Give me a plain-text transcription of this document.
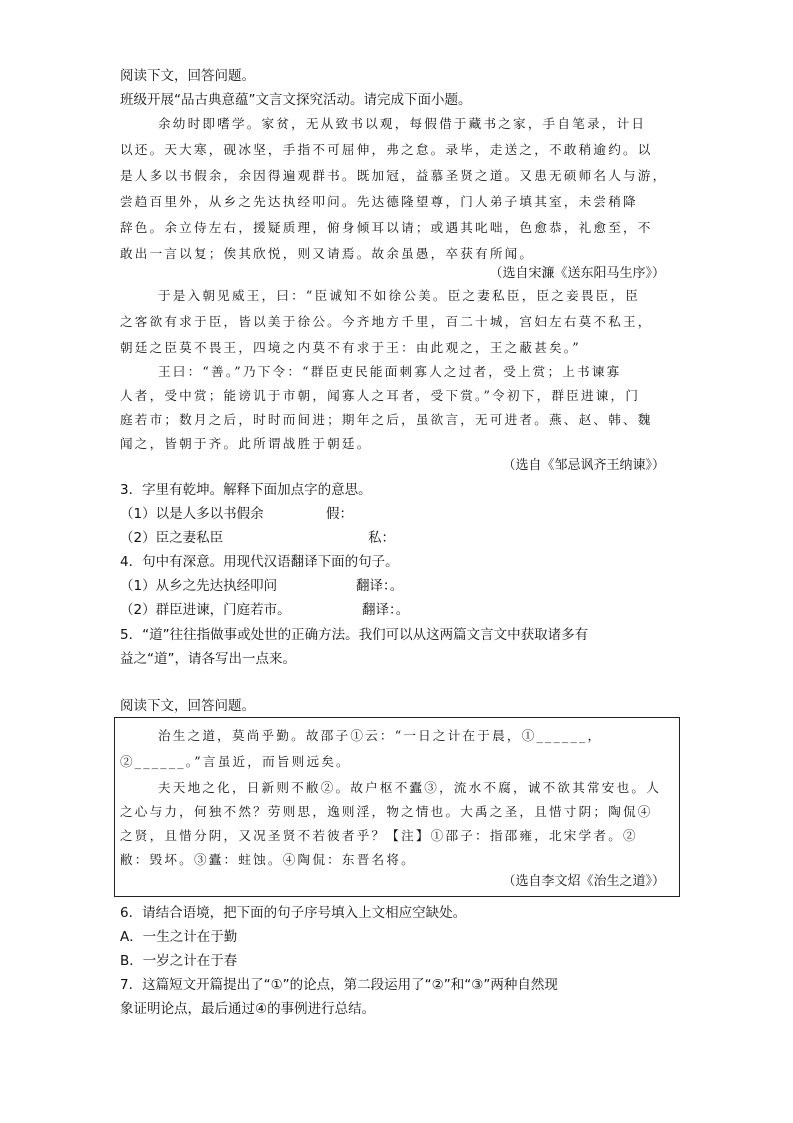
阅读下文，回答问题。
班级开展“品古典意蕴”文言文探究活动。请完成下面小题。
余幼时即嗜学。家贫，无从致书以观，每假借于藏书之家，手自笔录，计日
以还。天大寒，砚冰坚，手指不可屈伸，弗之怠。录毕，走送之，不敢稍逾约。以
是人多以书假余，余因得遍观群书。既加冠，益慕圣贤之道。又患无硕师名人与游，
尝趋百里外，从乡之先达执经叩问。先达德隆望尊，门人弟子填其室，未尝稍降
辞色。余立侍左右，援疑质理，俯身倾耳以请；或遇其叱咄，色愈恭，礼愈至，不
敢出一言以复；俟其欣悦，则又请焉。故余虽愚，卒获有所闻。
（选自宋濂《送东阳马生序》）
于是入朝见威王，曰：“臣诚知不如徐公美。臣之妻私臣，臣之妾畏臣，臣
之客欲有求于臣，皆以美于徐公。今齐地方千里，百二十城，宫妇左右莫不私王，
朝廷之臣莫不畏王，四境之内莫不有求于王：由此观之，王之蔽甚矣。”
王曰：“善。”乃下令：“群臣吏民能面刺寡人之过者，受上赏；上书谏寡
人者，受中赏；能谤讥于市朝，闻寡人之耳者，受下赏。”令初下，群臣进谏，门
庭若市；数月之后，时时而间进；期年之后，虽欲言，无可进者。燕、赵、韩、魏
闻之，皆朝于齐。此所谓战胜于朝廷。
（选自《邹忌讽齐王纳谏》）
3．字里有乾坤。解释下面加点字的意思。
（1）以是人多以书假余	假：
（2）臣之妻私臣	私：
4．句中有深意。用现代汉语翻译下面的句子。
（1）从乡之先达执经叩问	翻译：。
（2）群臣进谏，门庭若市。	翻译：。
5．“道”往往指做事或处世的正确方法。我们可以从这两篇文言文中获取诸多有
益之“道”，请各写出一点来。
阅读下文，回答问题。
治生之道，莫尚乎勤。故邵子①云：“一日之计在于晨，①______，
②______。”言虽近，而旨则远矣。
夫天地之化，日新则不敝②。故户枢不蠹③，流水不腐，诚不欲其常安也。人
之心与力，何独不然？劳则思，逸则淫，物之情也。大禹之圣，且惜寸阴；陶侃④
之贤，且惜分阴，又况圣贤不若彼者乎？【注】①邵子：指邵雍，北宋学者。②
敝：毁坏。③蠹：蛀蚀。④陶侃：东晋名将。
（选自李文炤《治生之道》）
6．请结合语境，把下面的句子序号填入上文相应空缺处。
A．一生之计在于勤
B．一岁之计在于春
7．这篇短文开篇提出了“①”的论点，第二段运用了“②”和“③”两种自然现
象证明论点，最后通过④的事例进行总结。
